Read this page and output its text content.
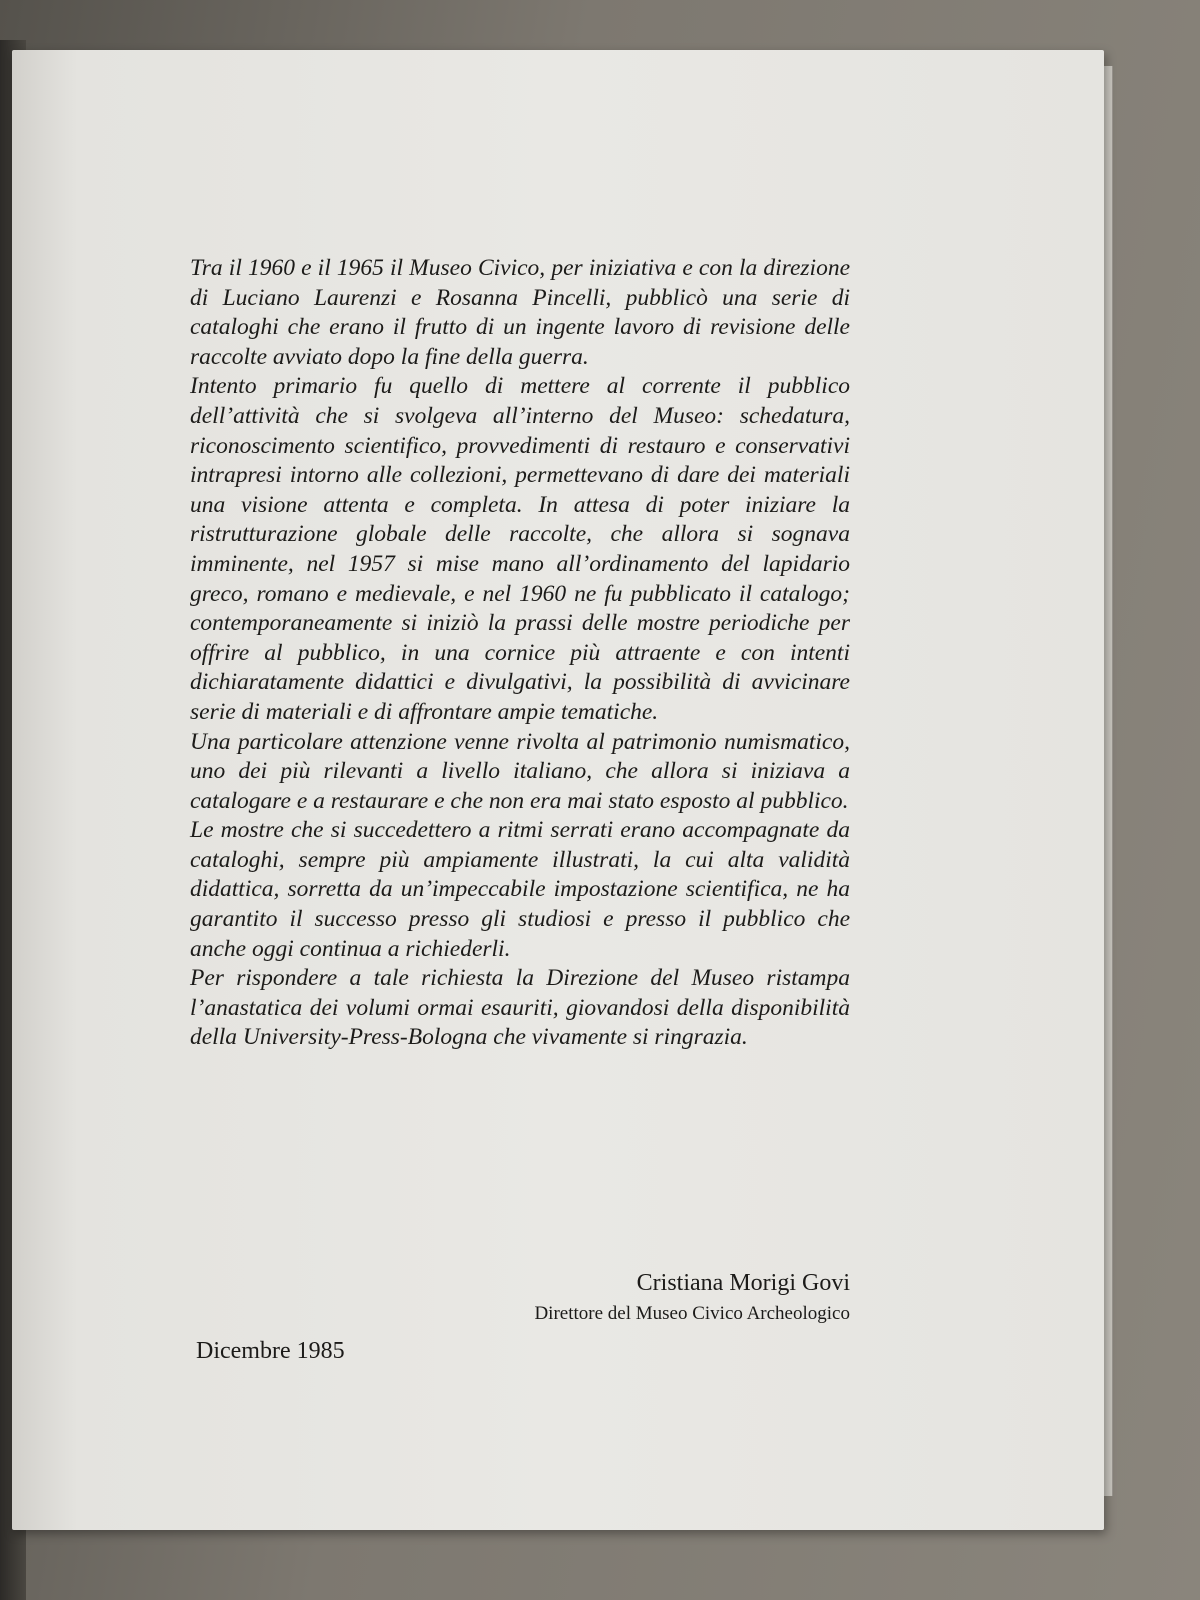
Tra il 1960 e il 1965 il Museo Civico, per iniziativa e con la direzione di Luciano Laurenzi e Rosanna Pincelli, pubblicò una serie di cataloghi che erano il frutto di un ingente lavoro di revisione delle raccolte avviato dopo la fine della guerra.
Intento primario fu quello di mettere al corrente il pubblico dell’attività che si svolgeva all’interno del Museo: schedatura, riconoscimento scientifico, provvedimenti di restauro e conservativi intrapresi intorno alle collezioni, permettevano di dare dei materiali una visione attenta e completa. In attesa di poter iniziare la ristrutturazione globale delle raccolte, che allora si sognava imminente, nel 1957 si mise mano all’ordinamento del lapidario greco, romano e medievale, e nel 1960 ne fu pubblicato il catalogo; contemporaneamente si iniziò la prassi delle mostre periodiche per offrire al pubblico, in una cornice più attraente e con intenti dichiaratamente didattici e divulgativi, la possibilità di avvicinare serie di materiali e di affrontare ampie tematiche.
Una particolare attenzione venne rivolta al patrimonio numismatico, uno dei più rilevanti a livello italiano, che allora si iniziava a catalogare e a restaurare e che non era mai stato esposto al pubblico.
Le mostre che si succedettero a ritmi serrati erano accompagnate da cataloghi, sempre più ampiamente illustrati, la cui alta validità didattica, sorretta da un’impeccabile impostazione scientifica, ne ha garantito il successo presso gli studiosi e presso il pubblico che anche oggi continua a richiederli.
Per rispondere a tale richiesta la Direzione del Museo ristampa l’anastatica dei volumi ormai esauriti, giovandosi della disponibilità della University-Press-Bologna che vivamente si ringrazia.
Cristiana Morigi Govi
Direttore del Museo Civico Archeologico
Dicembre 1985
